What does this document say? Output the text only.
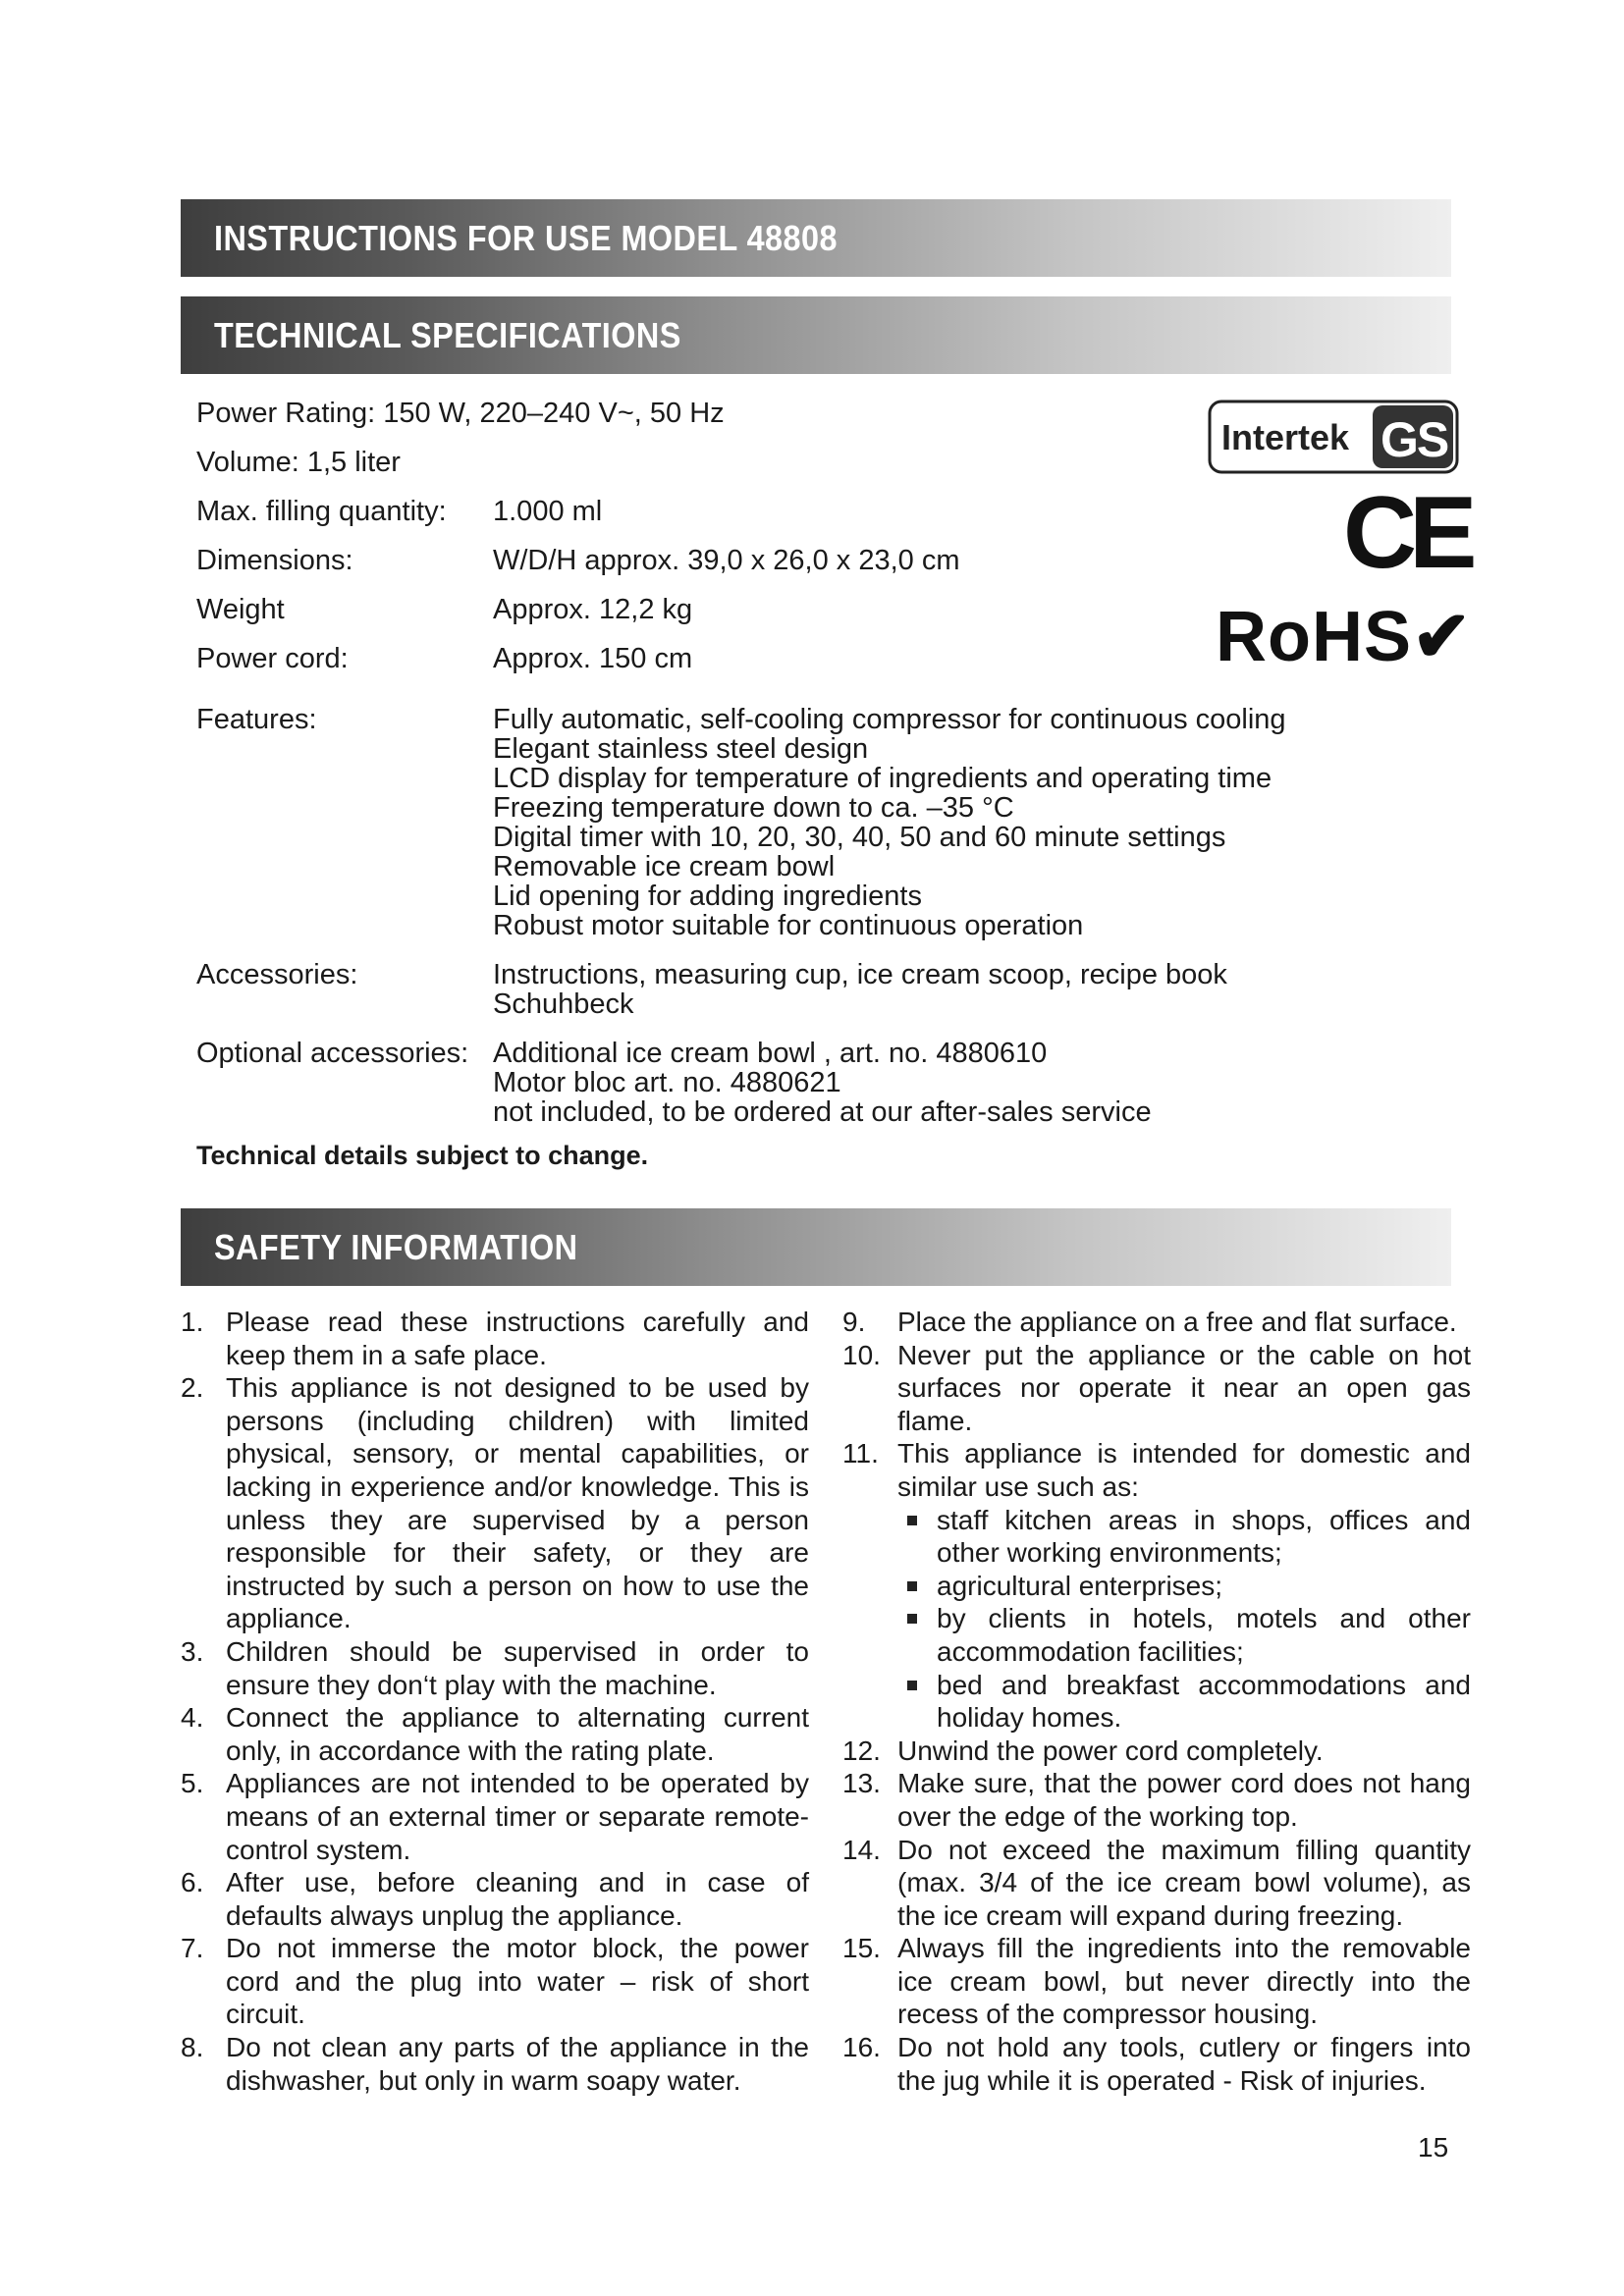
INSTRUCTIONS FOR USE MODEL 48808
TECHNICAL SPECIFICATIONS
Intertek GS
CE
RoHS✔
Power Rating: 150 W, 220–240 V~, 50 Hz
Volume: 1,5 liter
Max. filling quantity:	1.000 ml
Dimensions:	W/D/H approx. 39,0 x 26,0 x 23,0 cm
Weight	Approx. 12,2 kg
Power cord:	Approx. 150 cm
Features:	Fully automatic, self-cooling compressor for continuous cooling
Elegant stainless steel design
LCD display for temperature of ingredients and operating time
Freezing temperature down to ca. –35 °C
Digital timer with 10, 20, 30, 40, 50 and 60 minute settings
Removable ice cream bowl
Lid opening for adding ingredients
Robust motor suitable for continuous operation
Accessories:	Instructions, measuring cup, ice cream scoop, recipe book
Schuhbeck
Optional accessories: Additional ice cream bowl , art. no. 4880610
Motor bloc art. no. 4880621
not included, to be ordered at our after-sales service
Technical details subject to change.
SAFETY INFORMATION
1. Please read these instructions carefully and keep them in a safe place.
2. This appliance is not designed to be used by persons (including children) with limited physical, sensory, or mental capabilities, or lacking in experience and/or knowledge. This is unless they are supervised by a person responsible for their safety, or they are instructed by such a person on how to use the appliance.
3. Children should be supervised in order to ensure they don‘t play with the machine.
4. Connect the appliance to alternating current only, in accordance with the rating plate.
5. Appliances are not intended to be operated by means of an external timer or separate remote-control system.
6. After use, before cleaning and in case of defaults always unplug the appliance.
7. Do not immerse the motor block, the power cord and the plug into water – risk of short circuit.
8. Do not clean any parts of the appliance in the dishwasher, but only in warm soapy water.
9.	Place the appliance on a free and flat surface.
10. Never put the appliance or the cable on hot surfaces nor operate it near an open gas flame.
11. This appliance is intended for domestic and similar use such as:
staff kitchen areas in shops, offices and other working environments;
agricultural enterprises;
by clients in hotels, motels and other accommodation facilities;
bed and breakfast accommodations and holiday homes.
12. Unwind the power cord completely.
13. Make sure, that the power cord does not hang over the edge of the working top.
14. Do not exceed the maximum filling quantity (max. 3/4 of the ice cream bowl volume), as the ice cream will expand during freezing.
15. Always fill the ingredients into the removable ice cream bowl, but never directly into the recess of the compressor housing.
16. Do not hold any tools, cutlery or fingers into the jug while it is operated - Risk of injuries.
15
